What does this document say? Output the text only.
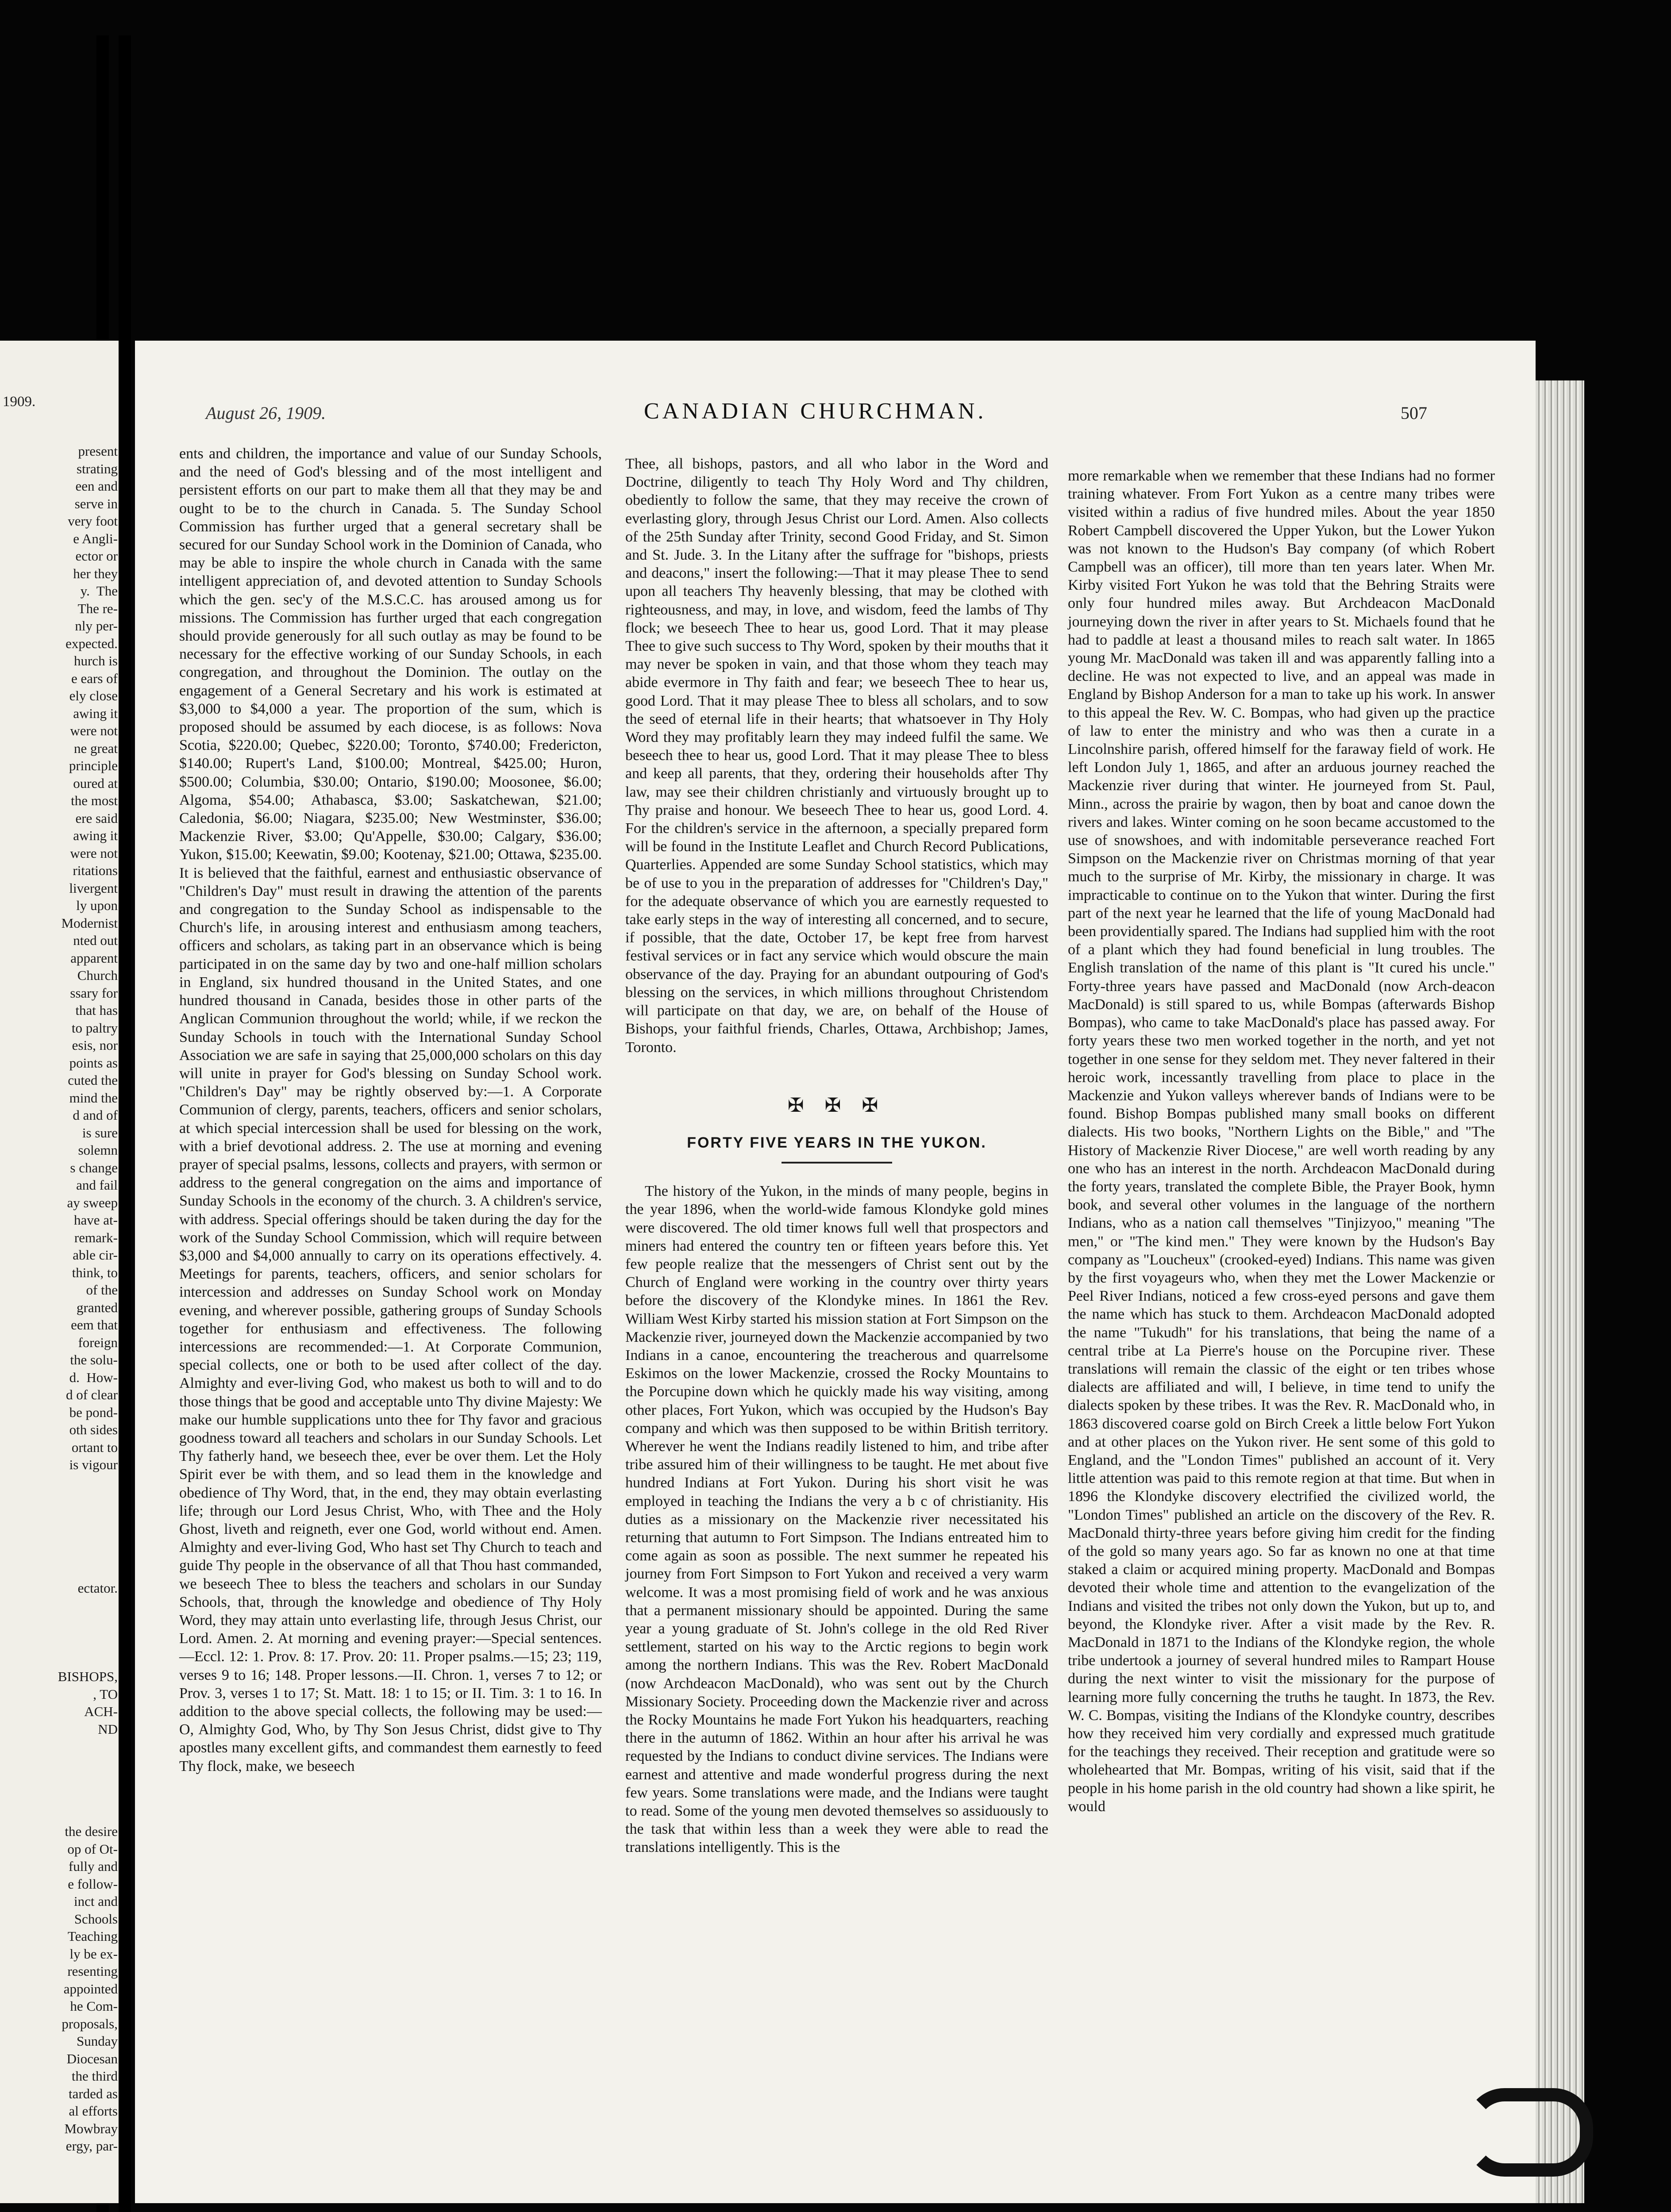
1909.
present
strating
een and
serve in
very foot
e Angli-
ector or
her they
y.  The
The re-
nly per-
expected.
hurch is
e ears of
ely close
awing it
were not
ne great
principle
oured at
the most
ere said
awing it
were not
ritations
livergent
ly upon
Modernist
nted out
apparent
Church
ssary for
that has
to paltry
esis, nor
points as
cuted the
mind the
d and of
is sure
solemn
s change
and fail
ay sweep
have at-
remark-
able cir-
think, to
of the
granted
eem that
foreign
the solu-
d.  How-
d of clear
be pond-
oth sides
ortant to
is vigour
ectator.
BISHOPS,
, TO
ACH-
ND
the desire
op of Ot-
fully and
e follow-
inct and
Schools
Teaching
ly be ex-
resenting
appointed
he Com-
proposals,
Sunday
Diocesan
the third
tarded as
al efforts
Mowbray
ergy, par-
August 26, 1909.	CANADIAN CHURCHMAN.	507

ents and children, the importance and value of our Sunday Schools, and the need of God's blessing and of the most intelligent and persistent efforts on our part to make them all that they may be and ought to be to the church in Canada. 5. The Sunday School Commission has further urged that a general secretary shall be secured for our Sunday School work in the Dominion of Canada, who may be able to inspire the whole church in Canada with the same intelligent appreciation of, and devoted attention to Sunday Schools which the gen. sec'y of the M.S.C.C. has aroused among us for missions. The Commission has further urged that each congregation should provide generously for all such outlay as may be found to be necessary for the effective working of our Sunday Schools, in each congregation, and throughout the Dominion. The outlay on the engagement of a General Secretary and his work is estimated at $3,000 to $4,000 a year. The proportion of the sum, which is proposed should be assumed by each diocese, is as follows: Nova Scotia, $220.00; Quebec, $220.00; Toronto, $740.00; Fredericton, $140.00; Rupert's Land, $100.00; Montreal, $425.00; Huron, $500.00; Columbia, $30.00; Ontario, $190.00; Moosonee, $6.00; Algoma, $54.00; Athabasca, $3.00; Saskatchewan, $21.00; Caledonia, $6.00; Niagara, $235.00; New Westminster, $36.00; Mackenzie River, $3.00; Qu'Appelle, $30.00; Calgary, $36.00; Yukon, $15.00; Keewatin, $9.00; Kootenay, $21.00; Ottawa, $235.00. It is believed that the faithful, earnest and enthusiastic observance of "Children's Day" must result in drawing the attention of the parents and congregation to the Sunday School as indispensable to the Church's life, in arousing interest and enthusiasm among teachers, officers and scholars, as taking part in an observance which is being participated in on the same day by two and one-half million scholars in England, six hundred thousand in the United States, and one hundred thousand in Canada, besides those in other parts of the Anglican Communion throughout the world; while, if we reckon the Sunday Schools in touch with the International Sunday School Association we are safe in saying that 25,000,000 scholars on this day will unite in prayer for God's blessing on Sunday School work. "Children's Day" may be rightly observed by:—1. A Corporate Communion of clergy, parents, teachers, officers and senior scholars, at which special intercession shall be used for blessing on the work, with a brief devotional address. 2. The use at morning and evening prayer of special psalms, lessons, collects and prayers, with sermon or address to the general congregation on the aims and importance of Sunday Schools in the economy of the church. 3. A children's service, with address. Special offerings should be taken during the day for the work of the Sunday School Commission, which will require between $3,000 and $4,000 annually to carry on its operations effectively. 4. Meetings for parents, teachers, officers, and senior scholars for intercession and addresses on Sunday School work on Monday evening, and wherever possible, gathering groups of Sunday Schools together for enthusiasm and effectiveness. The following intercessions are recommended:—1. At Corporate Communion, special collects, one or both to be used after collect of the day. Almighty and ever-living God, who makest us both to will and to do those things that be good and acceptable unto Thy divine Majesty: We make our humble supplications unto thee for Thy favor and gracious goodness toward all teachers and scholars in our Sunday Schools. Let Thy fatherly hand, we beseech thee, ever be over them. Let the Holy Spirit ever be with them, and so lead them in the knowledge and obedience of Thy Word, that, in the end, they may obtain everlasting life; through our Lord Jesus Christ, Who, with Thee and the Holy Ghost, liveth and reigneth, ever one God, world without end. Amen. Almighty and ever-living God, Who hast set Thy Church to teach and guide Thy people in the observance of all that Thou hast commanded, we beseech Thee to bless the teachers and scholars in our Sunday Schools, that, through the knowledge and obedience of Thy Holy Word, they may attain unto everlasting life, through Jesus Christ, our Lord. Amen. 2. At morning and evening prayer:—Special sentences.—Eccl. 12: 1. Prov. 8: 17. Prov. 20: 11. Proper psalms.—15; 23; 119, verses 9 to 16; 148. Proper lessons.—II. Chron. 1, verses 7 to 12; or Prov. 3, verses 1 to 17; St. Matt. 18: 1 to 15; or II. Tim. 3: 1 to 16. In addition to the above special collects, the following may be used:—O, Almighty God, Who, by Thy Son Jesus Christ, didst give to Thy apostles many excellent gifts, and commandest them earnestly to feed Thy flock, make, we beseech

Thee, all bishops, pastors, and all who labor in the Word and Doctrine, diligently to teach Thy Holy Word and Thy children, obediently to follow the same, that they may receive the crown of everlasting glory, through Jesus Christ our Lord. Amen. Also collects of the 25th Sunday after Trinity, second Good Friday, and St. Simon and St. Jude. 3. In the Litany after the suffrage for "bishops, priests and deacons," insert the following:—That it may please Thee to send upon all teachers Thy heavenly blessing, that may be clothed with righteousness, and may, in love, and wisdom, feed the lambs of Thy flock; we beseech Thee to hear us, good Lord. That it may please Thee to give such success to Thy Word, spoken by their mouths that it may never be spoken in vain, and that those whom they teach may abide evermore in Thy faith and fear; we beseech Thee to hear us, good Lord. That it may please Thee to bless all scholars, and to sow the seed of eternal life in their hearts; that whatsoever in Thy Holy Word they may profitably learn they may indeed fulfil the same. We beseech thee to hear us, good Lord. That it may please Thee to bless and keep all parents, that they, ordering their households after Thy law, may see their children christianly and virtuously brought up to Thy praise and honour. We beseech Thee to hear us, good Lord. 4. For the children's service in the afternoon, a specially prepared form will be found in the Institute Leaflet and Church Record Publications, Quarterlies. Appended are some Sunday School statistics, which may be of use to you in the preparation of addresses for "Children's Day," for the adequate observance of which you are earnestly requested to take early steps in the way of interesting all concerned, and to secure, if possible, that the date, October 17, be kept free from harvest festival services or in fact any service which would obscure the main observance of the day. Praying for an abundant outpouring of God's blessing on the services, in which millions throughout Christendom will participate on that day, we are, on behalf of the House of Bishops, your faithful friends, Charles, Ottawa, Archbishop; James, Toronto.

✠ ✠ ✠
FORTY FIVE YEARS IN THE YUKON.

The history of the Yukon, in the minds of many people, begins in the year 1896, when the world-wide famous Klondyke gold mines were discovered. The old timer knows full well that prospectors and miners had entered the country ten or fifteen years before this. Yet few people realize that the messengers of Christ sent out by the Church of England were working in the country over thirty years before the discovery of the Klondyke mines. In 1861 the Rev. William West Kirby started his mission station at Fort Simpson on the Mackenzie river, journeyed down the Mackenzie accompanied by two Indians in a canoe, encountering the treacherous and quarrelsome Eskimos on the lower Mackenzie, crossed the Rocky Mountains to the Porcupine down which he quickly made his way visiting, among other places, Fort Yukon, which was occupied by the Hudson's Bay company and which was then supposed to be within British territory. Wherever he went the Indians readily listened to him, and tribe after tribe assured him of their willingness to be taught. He met about five hundred Indians at Fort Yukon. During his short visit he was employed in teaching the Indians the very a b c of christianity. His duties as a missionary on the Mackenzie river necessitated his returning that autumn to Fort Simpson. The Indians entreated him to come again as soon as possible. The next summer he repeated his journey from Fort Simpson to Fort Yukon and received a very warm welcome. It was a most promising field of work and he was anxious that a permanent missionary should be appointed. During the same year a young graduate of St. John's college in the old Red River settlement, started on his way to the Arctic regions to begin work among the northern Indians. This was the Rev. Robert MacDonald (now Archdeacon MacDonald), who was sent out by the Church Missionary Society. Proceeding down the Mackenzie river and across the Rocky Mountains he made Fort Yukon his headquarters, reaching there in the autumn of 1862. Within an hour after his arrival he was requested by the Indians to conduct divine services. The Indians were earnest and attentive and made wonderful progress during the next few years. Some translations were made, and the Indians were taught to read. Some of the young men devoted themselves so assiduously to the task that within less than a week they were able to read the translations intelligently. This is the

more remarkable when we remember that these Indians had no former training whatever. From Fort Yukon as a centre many tribes were visited within a radius of five hundred miles. About the year 1850 Robert Campbell discovered the Upper Yukon, but the Lower Yukon was not known to the Hudson's Bay company (of which Robert Campbell was an officer), till more than ten years later. When Mr. Kirby visited Fort Yukon he was told that the Behring Straits were only four hundred miles away. But Archdeacon MacDonald journeying down the river in after years to St. Michaels found that he had to paddle at least a thousand miles to reach salt water. In 1865 young Mr. MacDonald was taken ill and was apparently falling into a decline. He was not expected to live, and an appeal was made in England by Bishop Anderson for a man to take up his work. In answer to this appeal the Rev. W. C. Bompas, who had given up the practice of law to enter the ministry and who was then a curate in a Lincolnshire parish, offered himself for the faraway field of work. He left London July 1, 1865, and after an arduous journey reached the Mackenzie river during that winter. He journeyed from St. Paul, Minn., across the prairie by wagon, then by boat and canoe down the rivers and lakes. Winter coming on he soon became accustomed to the use of snowshoes, and with indomitable perseverance reached Fort Simpson on the Mackenzie river on Christmas morning of that year much to the surprise of Mr. Kirby, the missionary in charge. It was impracticable to continue on to the Yukon that winter. During the first part of the next year he learned that the life of young MacDonald had been providentially spared. The Indians had supplied him with the root of a plant which they had found beneficial in lung troubles. The English translation of the name of this plant is "It cured his uncle." Forty-three years have passed and MacDonald (now Arch-deacon MacDonald) is still spared to us, while Bompas (afterwards Bishop Bompas), who came to take MacDonald's place has passed away. For forty years these two men worked together in the north, and yet not together in one sense for they seldom met. They never faltered in their heroic work, incessantly travelling from place to place in the Mackenzie and Yukon valleys wherever bands of Indians were to be found. Bishop Bompas published many small books on different dialects. His two books, "Northern Lights on the Bible," and "The History of Mackenzie River Diocese," are well worth reading by any one who has an interest in the north. Archdeacon MacDonald during the forty years, translated the complete Bible, the Prayer Book, hymn book, and several other volumes in the language of the northern Indians, who as a nation call themselves "Tinjizyoo," meaning "The men," or "The kind men." They were known by the Hudson's Bay company as "Loucheux" (crooked-eyed) Indians. This name was given by the first voyageurs who, when they met the Lower Mackenzie or Peel River Indians, noticed a few cross-eyed persons and gave them the name which has stuck to them. Archdeacon MacDonald adopted the name "Tukudh" for his translations, that being the name of a central tribe at La Pierre's house on the Porcupine river. These translations will remain the classic of the eight or ten tribes whose dialects are affiliated and will, I believe, in time tend to unify the dialects spoken by these tribes. It was the Rev. R. MacDonald who, in 1863 discovered coarse gold on Birch Creek a little below Fort Yukon and at other places on the Yukon river. He sent some of this gold to England, and the "London Times" published an account of it. Very little attention was paid to this remote region at that time. But when in 1896 the Klondyke discovery electrified the civilized world, the "London Times" published an article on the discovery of the Rev. R. MacDonald thirty-three years before giving him credit for the finding of the gold so many years ago. So far as known no one at that time staked a claim or acquired mining property. MacDonald and Bompas devoted their whole time and attention to the evangelization of the Indians and visited the tribes not only down the Yukon, but up to, and beyond, the Klondyke river. After a visit made by the Rev. R. MacDonald in 1871 to the Indians of the Klondyke region, the whole tribe undertook a journey of several hundred miles to Rampart House during the next winter to visit the missionary for the purpose of learning more fully concerning the truths he taught. In 1873, the Rev. W. C. Bompas, visiting the Indians of the Klondyke country, describes how they received him very cordially and expressed much gratitude for the teachings they received. Their reception and gratitude were so wholehearted that Mr. Bompas, writing of his visit, said that if the people in his home parish in the old country had shown a like spirit, he would
